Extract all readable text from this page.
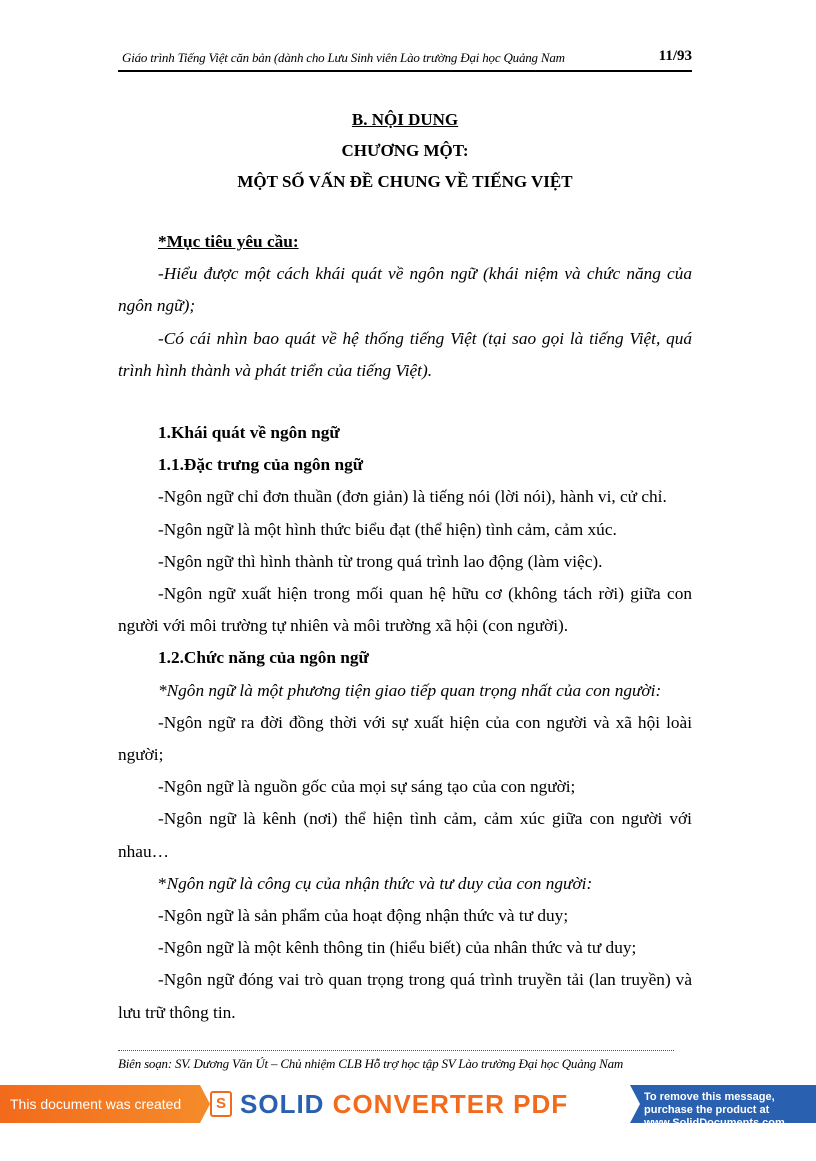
Giáo trình Tiếng Việt căn bản (dành cho Lưu Sinh viên Lào trường Đại học Quảng Nam	11/93
B. NỘI DUNG
CHƯƠNG MỘT:
MỘT SỐ VẤN ĐỀ CHUNG VỀ TIẾNG VIỆT

*Mục tiêu yêu cầu:

-Hiểu được một cách khái quát về ngôn ngữ (khái niệm và chức năng của ngôn ngữ);

-Có cái nhìn bao quát về hệ thống tiếng Việt (tại sao gọi là tiếng Việt, quá trình hình thành và phát triển của tiếng Việt).

1.Khái quát về ngôn ngữ

1.1.Đặc trưng của ngôn ngữ

-Ngôn ngữ chỉ đơn thuần (đơn giản) là tiếng nói (lời nói), hành vi, cử chỉ.

-Ngôn ngữ là một hình thức biểu đạt (thể hiện) tình cảm, cảm xúc.

-Ngôn ngữ thì hình thành từ trong quá trình lao động (làm việc).

-Ngôn ngữ xuất hiện trong mối quan hệ hữu cơ (không tách rời) giữa con người với môi trường tự nhiên và môi trường xã hội (con người).

1.2.Chức năng của ngôn ngữ

*Ngôn ngữ là một phương tiện giao tiếp quan trọng nhất của con người:

-Ngôn ngữ ra đời đồng thời với sự xuất hiện của con người và xã hội loài người;

-Ngôn ngữ là nguồn gốc của mọi sự sáng tạo của con người;

-Ngôn ngữ là kênh (nơi) thể hiện tình cảm, cảm xúc giữa con người với nhau…

*Ngôn ngữ là công cụ của nhận thức và tư duy của con người:

-Ngôn ngữ là sản phẩm của hoạt động nhận thức và tư duy;

-Ngôn ngữ là một kênh thông tin (hiểu biết) của nhân thức và tư duy;

-Ngôn ngữ đóng vai trò quan trọng trong quá trình truyền tải (lan truyền) và lưu trữ thông tin.

Biên soạn: SV. Dương Văn Út – Chủ nhiệm CLB Hỗ trợ học tập SV Lào trường Đại học Quảng Nam
This document was created using
S SOLID CONVERTER PDF	To remove this message, purchase the product at www.SolidDocuments.com
